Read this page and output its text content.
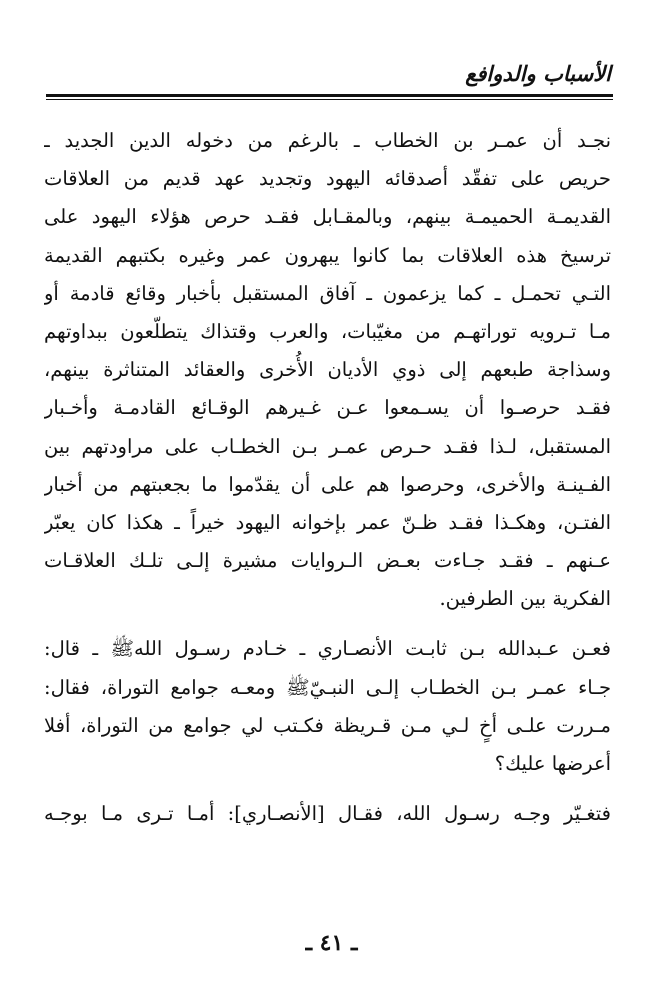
الأسباب والدوافع
نجـد أن عمـر بن الخطاب ـ بالرغم من دخوله الدين الجديد ـ
حريص على تفقّد أصدقائه اليهود وتجديد عهد قديم من العلاقات
القديمـة الحميمـة بينهم، وبالمقـابل فقـد حرص هؤلاء اليهود على
ترسيخ هذه العلاقات بما كانوا يبهرون عمر وغيره بكتبهم القديمة
التـي تحمـل ـ كما يزعمون ـ آفاق المستقبل بأخبار وقائع قادمة أو
مـا تـرويه توراتهـم من مغيّبات، والعرب وقتذاك يتطلّعون ببداوتهم
وسذاجة طبعهم إلى ذوي الأديان الأُخرى والعقائد المتناثرة بينهم،
فقـد حرصـوا أن يسـمعوا عـن غـيرهم الوقـائع القادمـة وأخـبار
المستقبل، لـذا فقـد حـرص عمـر بـن الخطـاب على مراودتهم بين
الفـينـة والأخرى، وحرصوا هم على أن يقدّموا ما بجعبتهم من أخبار
الفتـن، وهكـذا فقـد ظـنّ عمر بإخوانه اليهود خيراً ـ هكذا كان يعبّر
عـنهم ـ فقـد جـاءت بعـض الـروايات مشيرة إلـى تلـك العلاقـات
الفكرية بين الطرفين.
فعـن عـبدالله بـن ثابـت الأنصـاري ـ خـادم رسـول اللهﷺ ـ قال:
جـاء عمـر بـن الخطـاب إلـى النبـيّﷺ ومعـه جوامع التوراة، فقال:
مـررت علـى أخٍ لـي مـن قـريظة فكـتب لي جوامع من التوراة، أفلا
أعرضها عليك؟
فتغـيّر وجـه رسـول الله، فقـال [الأنصـاري]: أمـا تـرى مـا بوجـه
ـ ٤١ ـ
